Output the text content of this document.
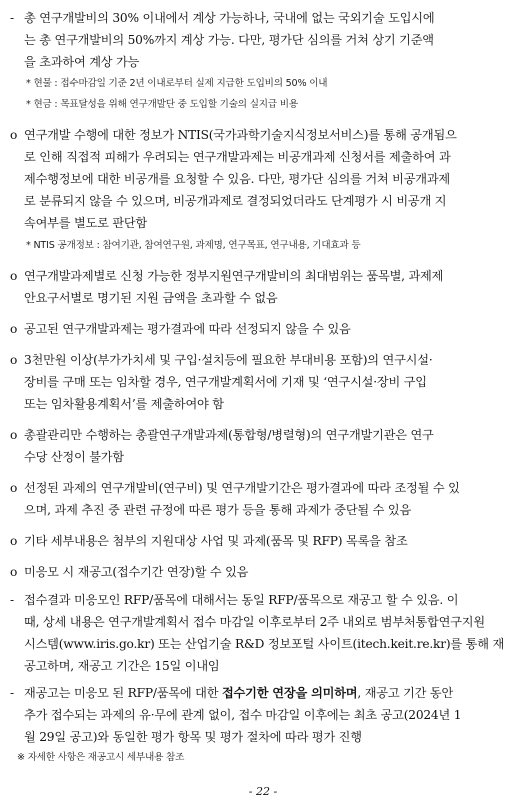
- 총 연구개발비의 30% 이내에서 계상 가능하나, 국내에 없는 국외기술 도입시에
는 총 연구개발비의 50%까지 계상 가능. 다만, 평가단 심의를 거쳐 상기 기준액
을 초과하여 계상 가능
* 현물 : 접수마감일 기준 2년 이내로부터 실제 지급한 도입비의 50% 이내
* 현금 : 목표달성을 위해 연구개발단 중 도입할 기술의 실지급 비용
o 연구개발 수행에 대한 정보가 NTIS(국가과학기술지식정보서비스)를 통해 공개됨으
로 인해 직접적 피해가 우려되는 연구개발과제는 비공개과제 신청서를 제출하여 과
제수행정보에 대한 비공개를 요청할 수 있음. 다만, 평가단 심의를 거쳐 비공개과제
로 분류되지 않을 수 있으며, 비공개과제로 결정되었더라도 단계평가 시 비공개 지
속여부를 별도로 판단함
* NTIS 공개정보 : 참여기관, 참여연구원, 과제명, 연구목표, 연구내용, 기대효과 등
o 연구개발과제별로 신청 가능한 정부지원연구개발비의 최대범위는 품목별, 과제제
안요구서별로 명기된 지원 금액을 초과할 수 없음
o 공고된 연구개발과제는 평가결과에 따라 선정되지 않을 수 있음
o 3천만원 이상(부가가치세 및 구입·설치등에 필요한 부대비용 포함)의 연구시설·
장비를 구매 또는 임차할 경우, 연구개발계획서에 기재 및 ‘연구시설·장비 구입
또는 임차활용계획서’를 제출하여야 함
o 총괄관리만 수행하는 총괄연구개발과제(통합형/병렬형)의 연구개발기관은 연구
수당 산정이 불가함
o 선정된 과제의 연구개발비(연구비) 및 연구개발기간은 평가결과에 따라 조정될 수 있
으며, 과제 추진 중 관련 규정에 따른 평가 등을 통해 과제가 중단될 수 있음
o 기타 세부내용은 첨부의 지원대상 사업 및 과제(품목 및 RFP) 목록을 참조
o 미응모 시 재공고(접수기간 연장)할 수 있음
- 접수결과 미응모인 RFP/품목에 대해서는 동일 RFP/품목으로 재공고 할 수 있음. 이
때, 상세 내용은 연구개발계획서 접수 마감일 이후로부터 2주 내외로 범부처통합연구지원
시스템(www.iris.go.kr) 또는 산업기술 R&D 정보포털 사이트(itech.keit.re.kr)를 통해 재
공고하며, 재공고 기간은 15일 이내임
- 재공고는 미응모 된 RFP/품목에 대한 접수기한 연장을 의미하며, 재공고 기간 동안
추가 접수되는 과제의 유·무에 관계 없이, 접수 마감일 이후에는 최초 공고(2024년 1
월 29일 공고)와 동일한 평가 항목 및 평가 절차에 따라 평가 진행
※ 자세한 사항은 재공고시 세부내용 참조
- 22 -
